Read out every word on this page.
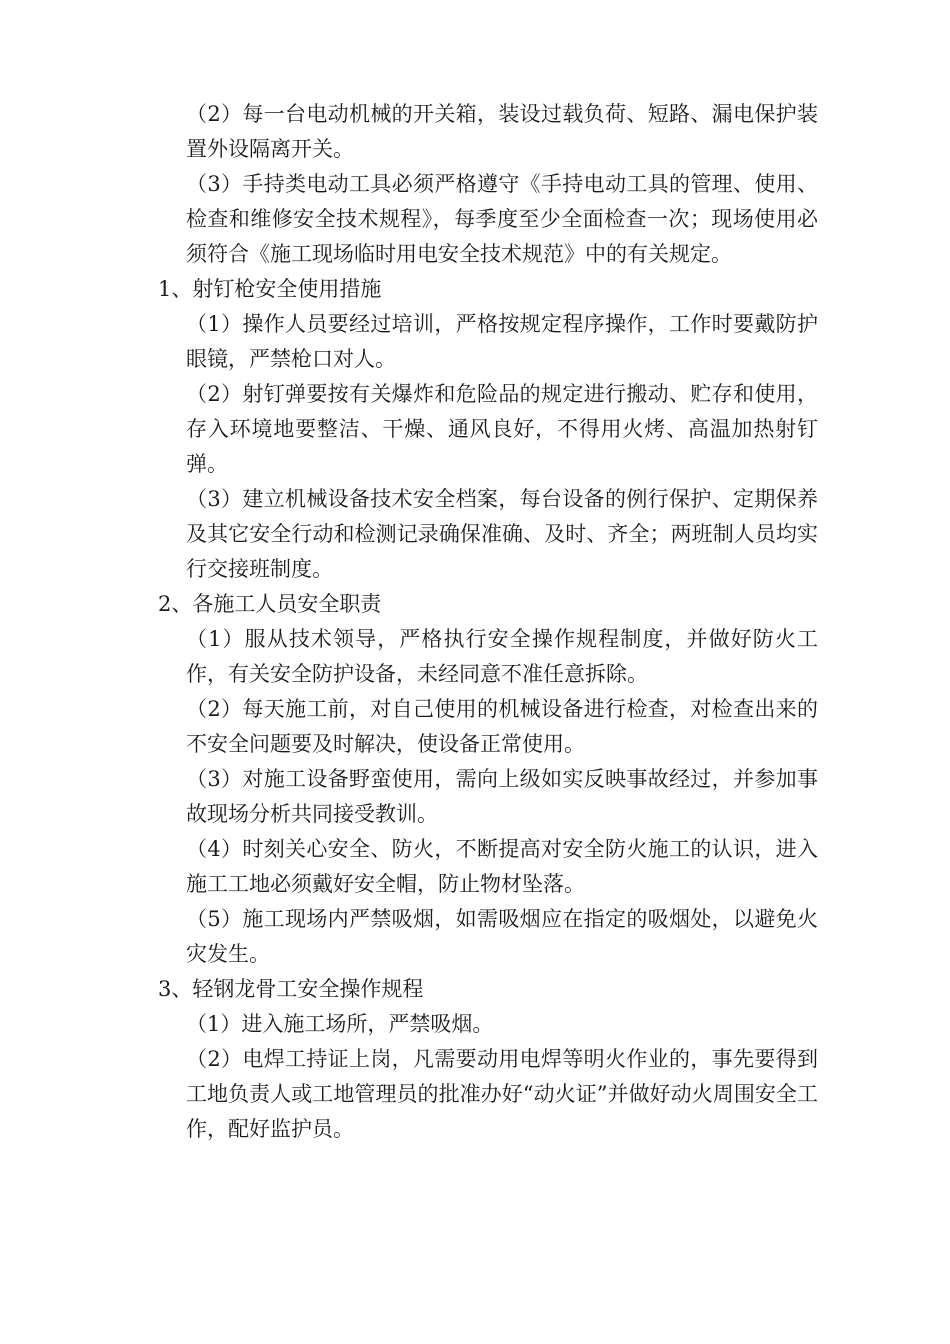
（2）每一台电动机械的开关箱，装设过载负荷、短路、漏电保护装置外设隔离开关。

（3）手持类电动工具必须严格遵守《手持电动工具的管理、使用、检查和维修安全技术规程》，每季度至少全面检查一次；现场使用必须符合《施工现场临时用电安全技术规范》中的有关规定。

1、射钉枪安全使用措施

（1）操作人员要经过培训，严格按规定程序操作，工作时要戴防护眼镜，严禁枪口对人。

（2）射钉弹要按有关爆炸和危险品的规定进行搬动、贮存和使用，存入环境地要整洁、干燥、通风良好，不得用火烤、高温加热射钉弹。

（3）建立机械设备技术安全档案，每台设备的例行保护、定期保养及其它安全行动和检测记录确保准确、及时、齐全；两班制人员均实行交接班制度。

2、各施工人员安全职责

（1）服从技术领导，严格执行安全操作规程制度，并做好防火工作，有关安全防护设备，未经同意不准任意拆除。

（2）每天施工前，对自己使用的机械设备进行检查，对检查出来的不安全问题要及时解决，使设备正常使用。

（3）对施工设备野蛮使用，需向上级如实反映事故经过，并参加事故现场分析共同接受教训。

（4）时刻关心安全、防火，不断提高对安全防火施工的认识，进入施工工地必须戴好安全帽，防止物材坠落。

（5）施工现场内严禁吸烟，如需吸烟应在指定的吸烟处，以避免火灾发生。

3、轻钢龙骨工安全操作规程

（1）进入施工场所，严禁吸烟。

（2）电焊工持证上岗，凡需要动用电焊等明火作业的，事先要得到工地负责人或工地管理员的批准办好“动火证”并做好动火周围安全工作，配好监护员。
